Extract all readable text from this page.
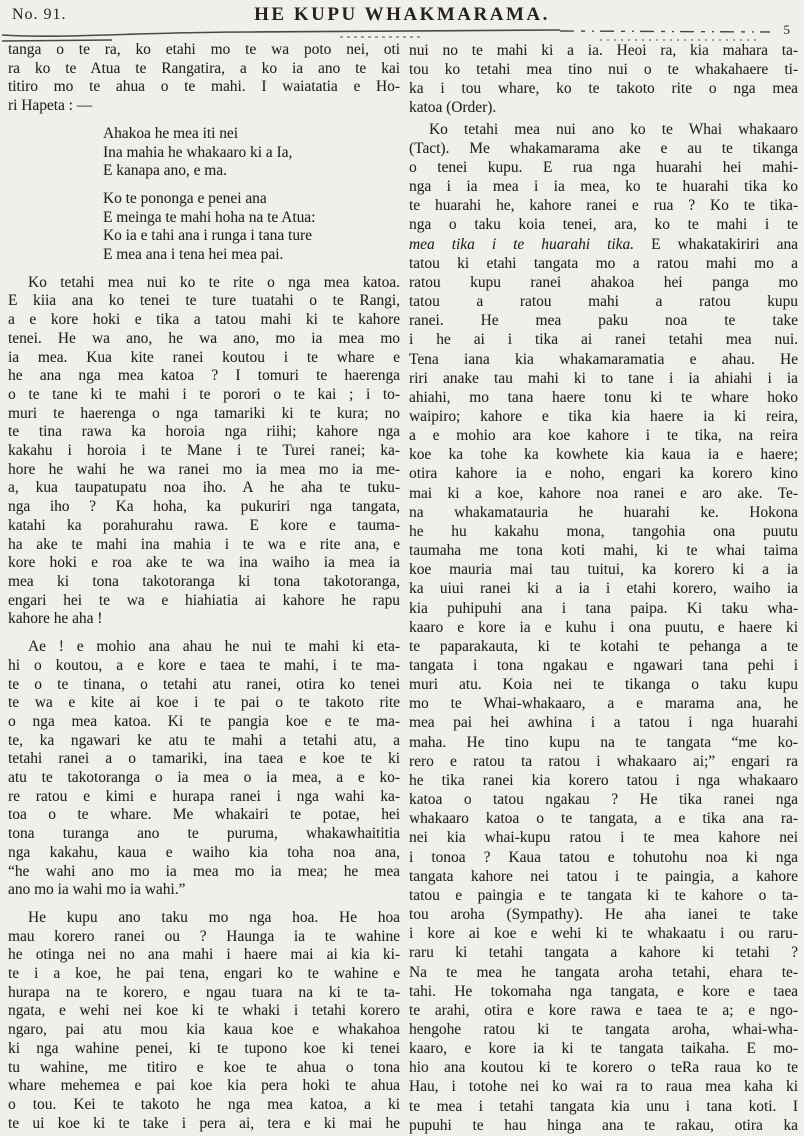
No. 91.	HE KUPU WHAKMARAMA.
5
tanga o te ra, ko etahi mo te wa poto nei, oti
ra ko te Atua te Rangatira, a ko ia ano te kai
titiro mo te ahua o te mahi. I waiatatia e Ho-
ri Hapeta : —
Ahakoa he mea iti nei
Ina mahia he whakaaro ki a Ia,
E kanapa ano, e ma.
Ko te pononga e penei ana
E meinga te mahi hoha na te Atua:
Ko ia e tahi ana i runga i tana ture
E mea ana i tena hei mea pai.
Ko tetahi mea nui ko te rite o nga mea katoa.
E kiia ana ko tenei te ture tuatahi o te Rangi,
a e kore hoki e tika a tatou mahi ki te kahore
tenei. He wa ano, he wa ano, mo ia mea mo
ia mea. Kua kite ranei koutou i te whare e
he ana nga mea katoa ? I tomuri te haerenga
o te tane ki te mahi i te porori o te kai ; i to-
muri te haerenga o nga tamariki ki te kura; no
te tina rawa ka horoia nga riihi; kahore nga
kakahu i horoia i te Mane i te Turei ranei; ka-
hore he wahi he wa ranei mo ia mea mo ia me-
a, kua taupatupatu noa iho. A he aha te tuku-
nga iho ? Ka hoha, ka pukuriri nga tangata,
katahi ka porahurahu rawa. E kore e tauma-
ha ake te mahi ina mahia i te wa e rite ana, e
kore hoki e roa ake te wa ina waiho ia mea ia
mea ki tona takotoranga ki tona takotoranga,
engari hei te wa e hiahiatia ai kahore he rapu
kahore he aha !
Ae ! e mohio ana ahau he nui te mahi ki eta-
hi o koutou, a e kore e taea te mahi, i te ma-
te o te tinana, o tetahi atu ranei, otira ko tenei
te wa e kite ai koe i te pai o te takoto rite
o nga mea katoa. Ki te pangia koe e te ma-
te, ka ngawari ke atu te mahi a tetahi atu, a
tetahi ranei a o tamariki, ina taea e koe te ki
atu te takotoranga o ia mea o ia mea, a e ko-
re ratou e kimi e hurapa ranei i nga wahi ka-
toa o te whare. Me whakairi te potae, hei
tona turanga ano te puruma, whakawhaititia
nga kakahu, kaua e waiho kia toha noa ana,
“he wahi ano mo ia mea mo ia mea; he mea
ano mo ia wahi mo ia wahi.”
He kupu ano taku mo nga hoa. He hoa
mau korero ranei ou ? Haunga ia te wahine
he otinga nei no ana mahi i haere mai ai kia ki-
te i a koe, he pai tena, engari ko te wahine e
hurapa na te korero, e ngau tuara na ki te ta-
ngata, e wehi nei koe ki te whaki i tetahi korero
ngaro, pai atu mou kia kaua koe e whakahoa
ki nga wahine penei, ki te tupono koe ki tenei
tu wahine, me titiro e koe te ahua o tona
whare mehemea e pai koe kia pera hoki te ahua
o tou. Kei te takoto he nga mea katoa, a ki
te ui koe ki te take i pera ai, tera e ki mai he
nui no te mahi ki a ia. Heoi ra, kia mahara ta-
tou ko tetahi mea tino nui o te whakahaere ti-
ka i tou whare, ko te takoto rite o nga mea
katoa (Order).
Ko tetahi mea nui ano ko te Whai whakaaro
(Tact). Me whakamarama ake e au te tikanga
o tenei kupu. E rua nga huarahi hei mahi-
nga i ia mea i ia mea, ko te huarahi tika ko
te huarahi he, kahore ranei e rua ? Ko te tika-
nga o taku koia tenei, ara, ko te mahi i te
mea tika i te huarahi tika. E whakatakiriri ana
tatou ki etahi tangata mo a ratou mahi mo a
ratou kupu ranei ahakoa hei panga mo
tatou a ratou mahi a ratou kupu
ranei. He mea paku noa te take
i he ai i tika ai ranei tetahi mea nui.
Tena iana kia whakamaramatia e ahau. He
riri anake tau mahi ki to tane i ia ahiahi i ia
ahiahi, mo tana haere tonu ki te whare hoko
waipiro; kahore e tika kia haere ia ki reira,
a e mohio ara koe kahore i te tika, na reira
koe ka tohe ka kowhete kia kaua ia e haere;
otira kahore ia e noho, engari ka korero kino
mai ki a koe, kahore noa ranei e aro ake. Te-
na whakamatauria he huarahi ke. Hokona
he hu kakahu mona, tangohia ona puutu
taumaha me tona koti mahi, ki te whai taima
koe mauria mai tau tuitui, ka korero ki a ia
ka uiui ranei ki a ia i etahi korero, waiho ia
kia puhipuhi ana i tana paipa. Ki taku wha-
kaaro e kore ia e kuhu i ona puutu, e haere ki
te paparakauta, ki te kotahi te pehanga a te
tangata i tona ngakau e ngawari tana pehi i
muri atu. Koia nei te tikanga o taku kupu
mo te Whai-whakaaro, a e marama ana, he
mea pai hei awhina i a tatou i nga huarahi
maha. He tino kupu na te tangata “me ko-
rero e ratou ta ratou i whakaaro ai;” engari ra
he tika ranei kia korero tatou i nga whakaaro
katoa o tatou ngakau ? He tika ranei nga
whakaaro katoa o te tangata, a e tika ana ra-
nei kia whai-kupu ratou i te mea kahore nei
i tonoa ? Kaua tatou e tohutohu noa ki nga
tangata kahore nei tatou i te paingia, a kahore
tatou e paingia e te tangata ki te kahore o ta-
tou aroha (Sympathy). He aha ianei te take
i kore ai koe e wehi ki te whakaatu i ou raru-
raru ki tetahi tangata a kahore ki tetahi ?
Na te mea he tangata aroha tetahi, ehara te-
tahi. He tokomaha nga tangata, e kore e taea
te arahi, otira e kore rawa e taea te a; e ngo-
hengohe ratou ki te tangata aroha, whai-wha-
kaaro, e kore ia ki te tangata taikaha. E mo-
hio ana koutou ki te korero o teRa raua ko te
Hau, i totohe nei ko wai ra to raua mea kaha ki
te mea i tetahi tangata kia unu i tana koti. I
pupuhi te hau hinga ana te rakau, otira ka
